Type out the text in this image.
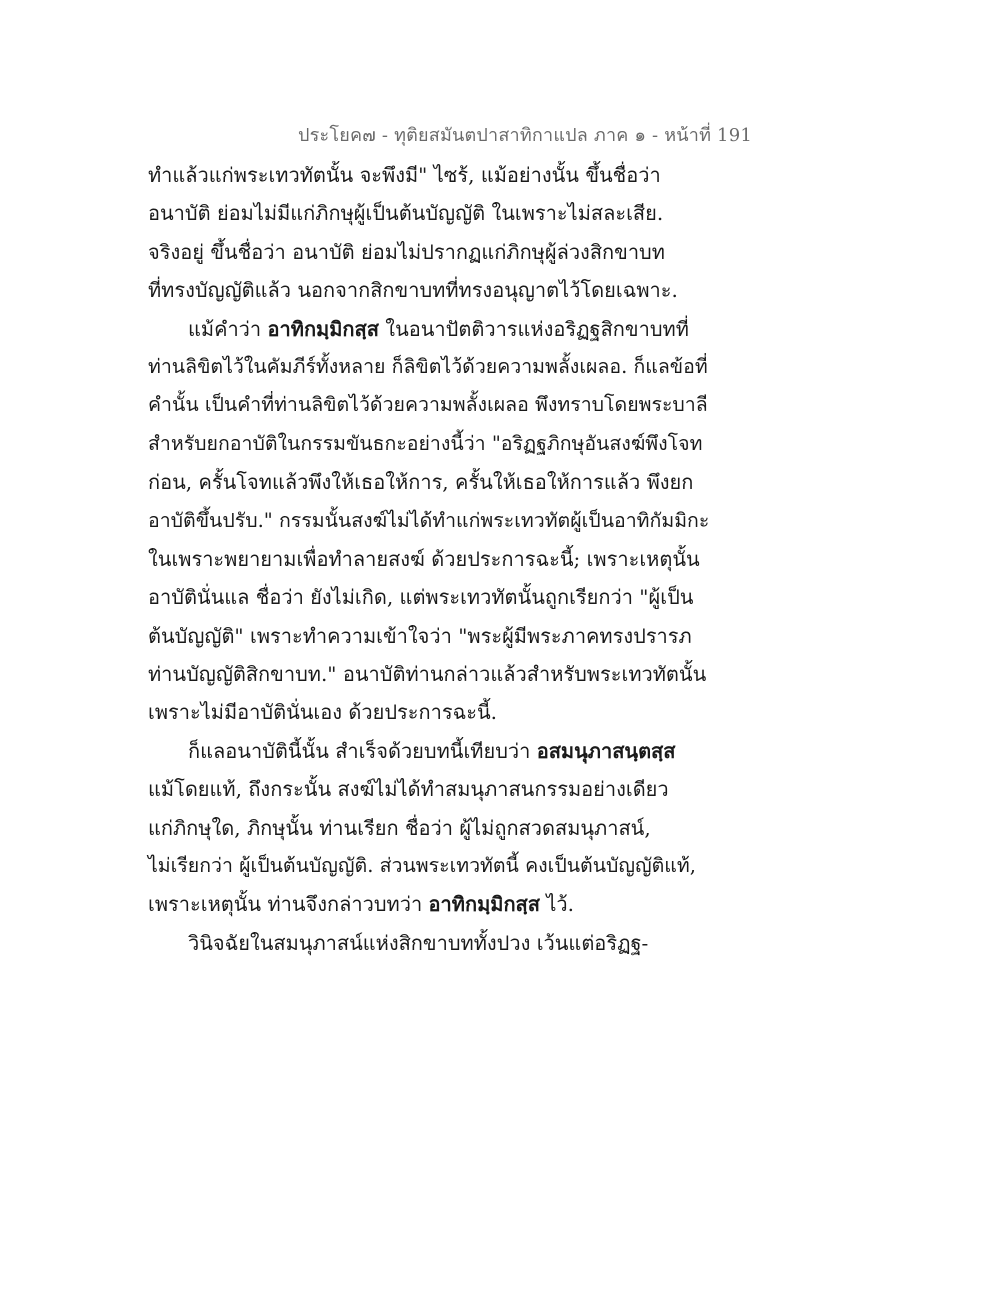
ประโยค๗ - ทุติยสมันตปาสาทิกาแปล ภาค ๑ - หน้าที่ 191
ทำแล้วแก่พระเทวทัตนั้น จะพึงมี" ไซร้, แม้อย่างนั้น ขึ้นชื่อว่า
อนาบัติ ย่อมไม่มีแก่ภิกษุผู้เป็นต้นบัญญัติ ในเพราะไม่สละเสีย.
จริงอยู่ ขึ้นชื่อว่า อนาบัติ ย่อมไม่ปรากฏแก่ภิกษุผู้ล่วงสิกขาบท
ที่ทรงบัญญัติแล้ว นอกจากสิกขาบทที่ทรงอนุญาตไว้โดยเฉพาะ.
แม้คำว่า อาทิกมฺมิกสฺส ในอนาปัตติวารแห่งอริฏฐสิกขาบทที่
ท่านลิขิตไว้ในคัมภีร์ทั้งหลาย ก็ลิขิตไว้ด้วยความพลั้งเผลอ. ก็แลข้อที่
คำนั้น เป็นคำที่ท่านลิขิตไว้ด้วยความพลั้งเผลอ พึงทราบโดยพระบาลี
สำหรับยกอาบัติในกรรมขันธกะอย่างนี้ว่า "อริฏฐภิกษุอันสงฆ์พึงโจท
ก่อน, ครั้นโจทแล้วพึงให้เธอให้การ, ครั้นให้เธอให้การแล้ว พึงยก
อาบัติขึ้นปรับ." กรรมนั้นสงฆ์ไม่ได้ทำแก่พระเทวทัตผู้เป็นอาทิกัมมิกะ
ในเพราะพยายามเพื่อทำลายสงฆ์ ด้วยประการฉะนี้; เพราะเหตุนั้น
อาบัตินั่นแล ชื่อว่า ยังไม่เกิด, แต่พระเทวทัตนั้นถูกเรียกว่า "ผู้เป็น
ต้นบัญญัติ" เพราะทำความเข้าใจว่า "พระผู้มีพระภาคทรงปรารภ
ท่านบัญญัติสิกขาบท." อนาบัติท่านกล่าวแล้วสำหรับพระเทวทัตนั้น
เพราะไม่มีอาบัตินั่นเอง ด้วยประการฉะนี้.
ก็แลอนาบัตินี้นั้น สำเร็จด้วยบทนี้เทียบว่า อสมนุภาสนฺตสฺส
แม้โดยแท้, ถึงกระนั้น สงฆ์ไม่ได้ทำสมนุภาสนกรรมอย่างเดียว
แก่ภิกษุใด, ภิกษุนั้น ท่านเรียก ชื่อว่า ผู้ไม่ถูกสวดสมนุภาสน์,
ไม่เรียกว่า ผู้เป็นต้นบัญญัติ. ส่วนพระเทวทัตนี้ คงเป็นต้นบัญญัติแท้,
เพราะเหตุนั้น ท่านจึงกล่าวบทว่า อาทิกมฺมิกสฺส ไว้.
วินิจฉัยในสมนุภาสน์แห่งสิกขาบททั้งปวง เว้นแต่อริฏฐ-
